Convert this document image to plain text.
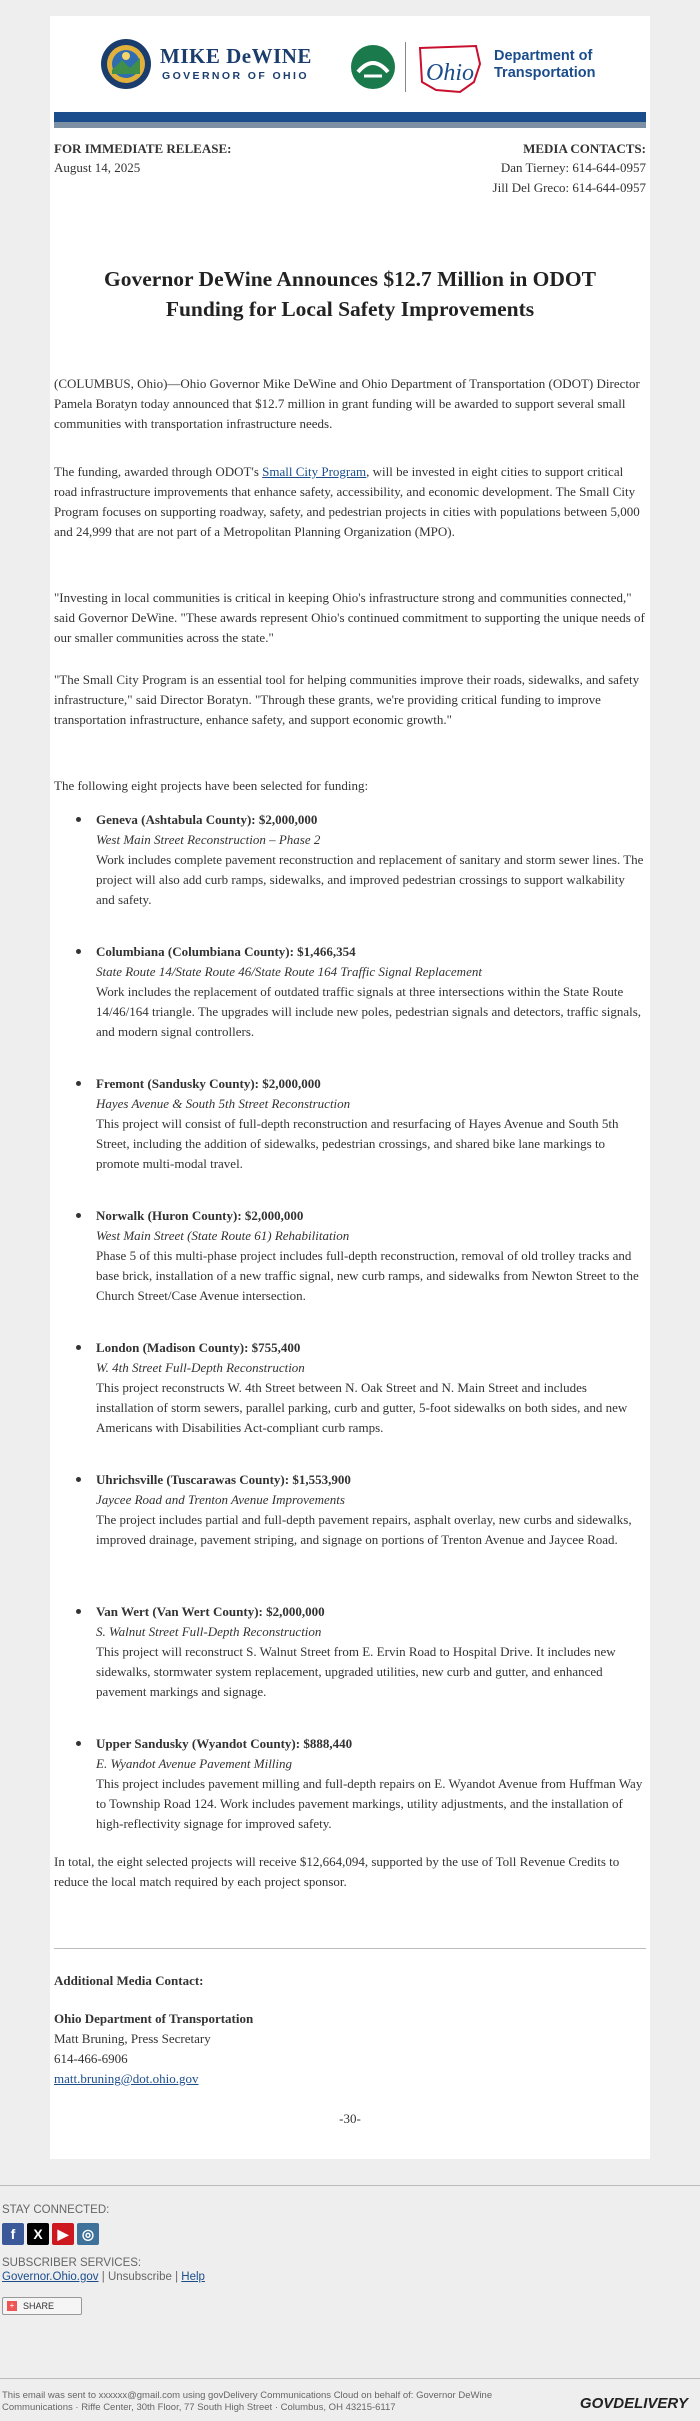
MIKE DeWINE
GOVERNOR OF OHIO	Ohio
Department of
Transportation

FOR IMMEDIATE RELEASE:

August 14, 2025

MEDIA CONTACTS:

Dan Tierney: 614-644-0957

Jill Del Greco: 614-644-0957

Governor DeWine Announces $12.7 Million in ODOT Funding for Local Safety Improvements

(COLUMBUS, Ohio)—Ohio Governor Mike DeWine and Ohio Department of Transportation (ODOT) Director Pamela Boratyn today announced that $12.7 million in grant funding will be awarded to support several small communities with transportation infrastructure needs.

The funding, awarded through ODOT's Small City Program, will be invested in eight cities to support critical road infrastructure improvements that enhance safety, accessibility, and economic development. The Small City Program focuses on supporting roadway, safety, and pedestrian projects in cities with populations between 5,000 and 24,999 that are not part of a Metropolitan Planning Organization (MPO).

"Investing in local communities is critical in keeping Ohio's infrastructure strong and communities connected," said Governor DeWine. "These awards represent Ohio's continued commitment to supporting the unique needs of our smaller communities across the state."

"The Small City Program is an essential tool for helping communities improve their roads, sidewalks, and safety infrastructure," said Director Boratyn. "Through these grants, we're providing critical funding to improve transportation infrastructure, enhance safety, and support economic growth."

The following eight projects have been selected for funding:

Geneva (Ashtabula County): $2,000,000
West Main Street Reconstruction – Phase 2
Work includes complete pavement reconstruction and replacement of sanitary and storm sewer lines. The project will also add curb ramps, sidewalks, and improved pedestrian crossings to support walkability and safety.
Columbiana (Columbiana County): $1,466,354
State Route 14/State Route 46/State Route 164 Traffic Signal Replacement
Work includes the replacement of outdated traffic signals at three intersections within the State Route 14/46/164 triangle. The upgrades will include new poles, pedestrian signals and detectors, traffic signals, and modern signal controllers.
Fremont (Sandusky County): $2,000,000
Hayes Avenue & South 5th Street Reconstruction
This project will consist of full-depth reconstruction and resurfacing of Hayes Avenue and South 5th Street, including the addition of sidewalks, pedestrian crossings, and shared bike lane markings to promote multi-modal travel.
Norwalk (Huron County): $2,000,000
West Main Street (State Route 61) Rehabilitation
Phase 5 of this multi-phase project includes full-depth reconstruction, removal of old trolley tracks and base brick, installation of a new traffic signal, new curb ramps, and sidewalks from Newton Street to the Church Street/Case Avenue intersection.
London (Madison County): $755,400
W. 4th Street Full-Depth Reconstruction
This project reconstructs W. 4th Street between N. Oak Street and N. Main Street and includes installation of storm sewers, parallel parking, curb and gutter, 5-foot sidewalks on both sides, and new Americans with Disabilities Act-compliant curb ramps.
Uhrichsville (Tuscarawas County): $1,553,900
Jaycee Road and Trenton Avenue Improvements
The project includes partial and full-depth pavement repairs, asphalt overlay, new curbs and sidewalks, improved drainage, pavement striping, and signage on portions of Trenton Avenue and Jaycee Road.
Van Wert (Van Wert County): $2,000,000
S. Walnut Street Full-Depth Reconstruction
This project will reconstruct S. Walnut Street from E. Ervin Road to Hospital Drive. It includes new sidewalks, stormwater system replacement, upgraded utilities, new curb and gutter, and enhanced pavement markings and signage.
Upper Sandusky (Wyandot County): $888,440
E. Wyandot Avenue Pavement Milling
This project includes pavement milling and full-depth repairs on E. Wyandot Avenue from Huffman Way to Township Road 124. Work includes pavement markings, utility adjustments, and the installation of high-reflectivity signage for improved safety.

In total, the eight selected projects will receive $12,664,094, supported by the use of Toll Revenue Credits to reduce the local match required by each project sponsor.

Additional Media Contact:

Ohio Department of Transportation

Matt Bruning, Press Secretary

614-466-6906

matt.bruning@dot.ohio.gov

-30-

STAY CONNECTED:
f	X	▶ ◎
SUBSCRIBER SERVICES:
Governor.Ohio.gov | Unsubscribe | Help
+ SHARE
This email was sent to xxxxxx@gmail.com using govDelivery Communications Cloud on behalf of: Governor DeWine Communications · Riffe Center, 30th Floor, 77 South High Street · Columbus, OH 43215-6117	GOVDELIVERY
